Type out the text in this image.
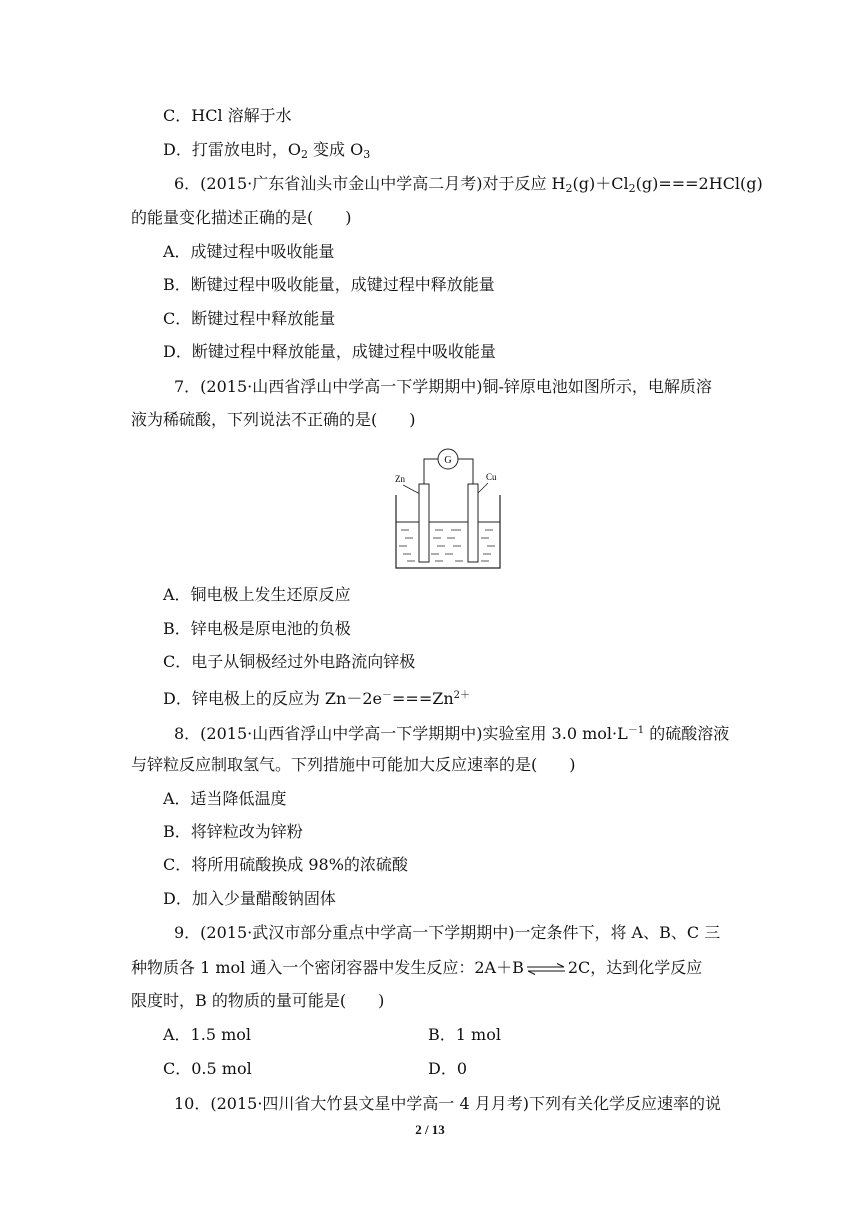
C．HCl 溶解于水
D．打雷放电时，$O_2$ 变成 $O_3$
6．(2015·广东省汕头市金山中学高二月考)对于反应 $H_2(g)+Cl_2(g)===2HCl(g)$
的能量变化描述正确的是(　　)
A．成键过程中吸收能量
B．断键过程中吸收能量，成键过程中释放能量
C．断键过程中释放能量
D．断键过程中释放能量，成键过程中吸收能量
7．(2015·山西省浮山中学高一下学期期中)铜-锌原电池如图所示，电解质溶
液为稀硫酸，下列说法不正确的是(　　)
G
Zn	Cu
A．铜电极上发生还原反应
B．锌电极是原电池的负极
C．电子从铜极经过外电路流向锌极
D．锌电极上的反应为 $Zn-2e^-===Zn^{2+}$
8．(2015·山西省浮山中学高一下学期期中)实验室用 3.0 $mol\cdot L^{-1}$ 的硫酸溶液
与锌粒反应制取氢气。下列措施中可能加大反应速率的是(　　)
A．适当降低温度
B．将锌粒改为锌粉
C．将所用硫酸换成 98%的浓硫酸
D．加入少量醋酸钠固体
9．(2015·武汉市部分重点中学高一下学期期中)一定条件下，将 A、B、C 三
种物质各 1 mol 通入一个密闭容器中发生反应：2A＋B ⇌ 2C，达到化学反应
限度时，B 的物质的量可能是(　　)
A．1.5 mol	B．1 mol
C．0.5 mol	D．0
10．(2015·四川省大竹县文星中学高一 4 月月考)下列有关化学反应速率的说
2 / 13
